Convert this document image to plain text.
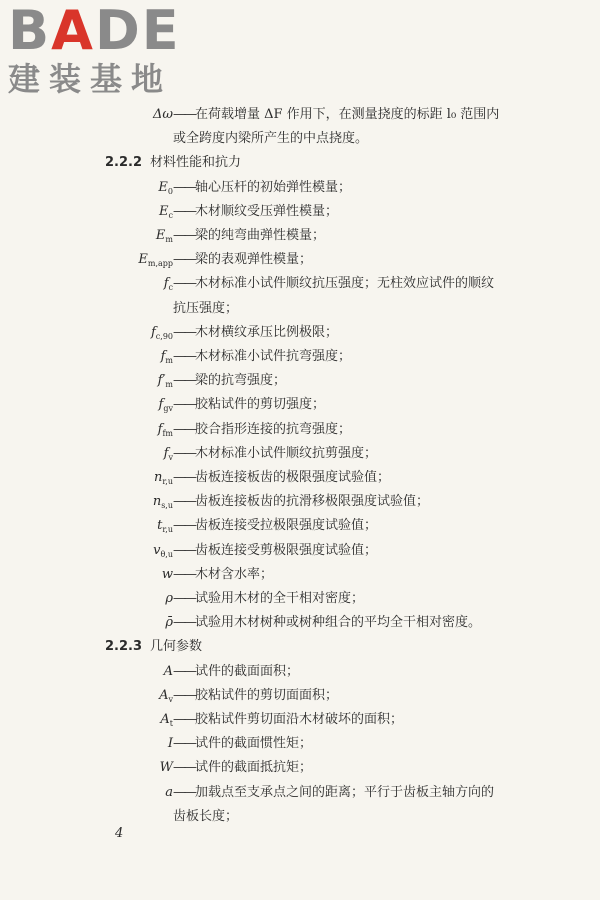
BADE
建装基地
Δω ——在荷载增量 ΔF 作用下，在测量挠度的标距 l₀ 范围内
或全跨度内梁所产生的中点挠度。
2.2.2 材料性能和抗力
$E_0$ ——轴心压杆的初始弹性模量；
$E_c$ ——木材顺纹受压弹性模量；
$E_m$ ——梁的纯弯曲弹性模量；
$E_{m,app}$ ——梁的表观弹性模量；
$f_c$ ——木材标准小试件顺纹抗压强度；无柱效应试件的顺纹
抗压强度；
$f_{c,90}$ ——木材横纹承压比例极限；
$f_m$ ——木材标准小试件抗弯强度；
$f'_m$ ——梁的抗弯强度；
$f_{gv}$ ——胶粘试件的剪切强度；
$f_{fm}$ ——胶合指形连接的抗弯强度；
$f_v$ ——木材标准小试件顺纹抗剪强度；
$n_{r,u}$ ——齿板连接板齿的极限强度试验值；
$n_{s,u}$ ——齿板连接板齿的抗滑移极限强度试验值；
$t_{r,u}$ ——齿板连接受拉极限强度试验值；
$v_{\theta,u}$ ——齿板连接受剪极限强度试验值；
w ——木材含水率；
ρ ——试验用木材的全干相对密度；
ρ̄ ——试验用木材树种或树种组合的平均全干相对密度。
2.2.3 几何参数
A ——试件的截面面积；
$A_v$ ——胶粘试件的剪切面面积；
$A_t$ ——胶粘试件剪切面沿木材破坏的面积；
I ——试件的截面惯性矩；
W ——试件的截面抵抗矩；
a ——加载点至支承点之间的距离；平行于齿板主轴方向的
齿板长度；
4
